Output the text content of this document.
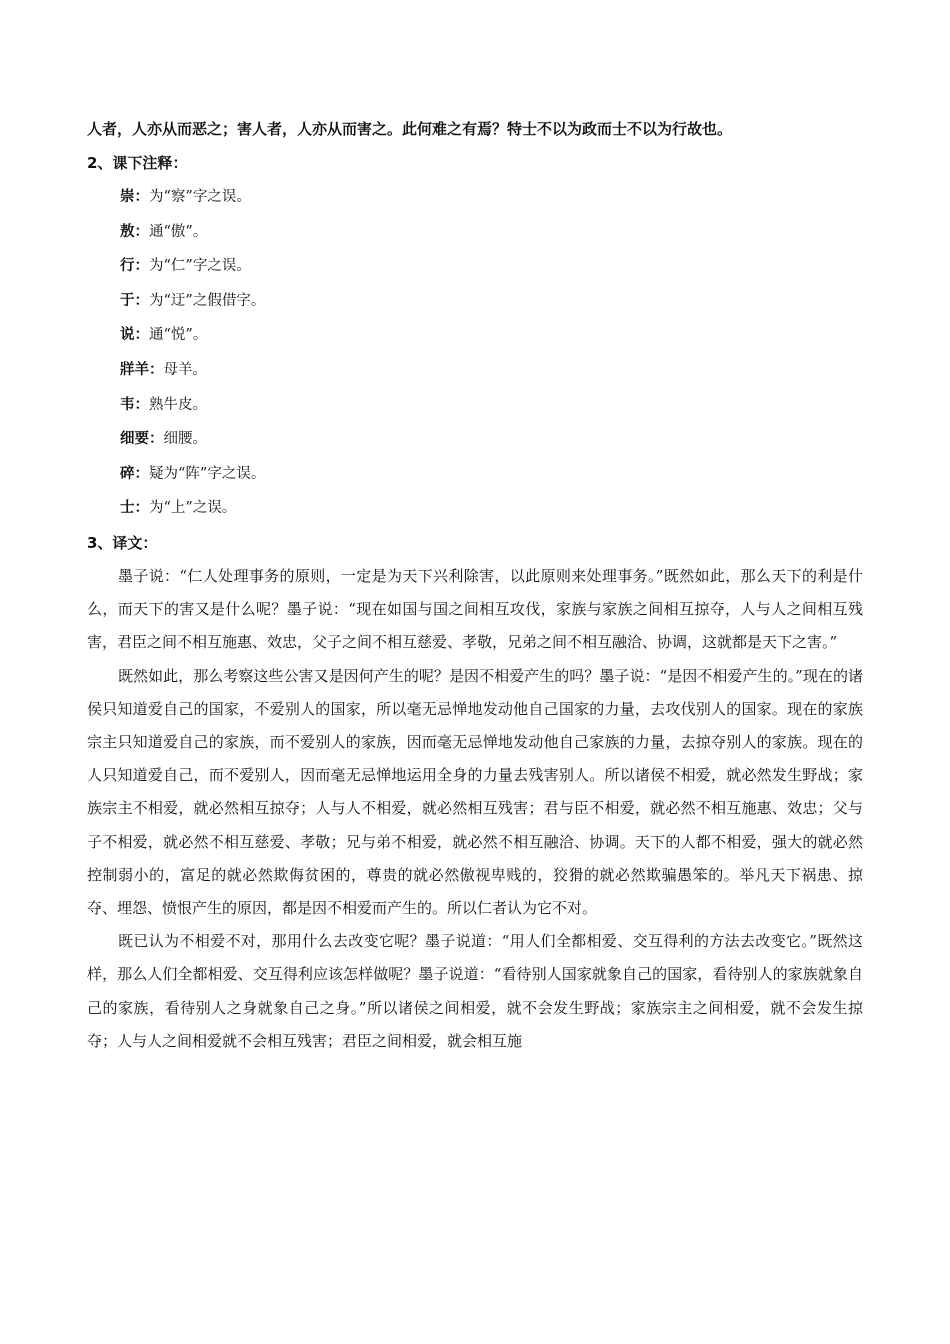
人者，人亦从而恶之；害人者，人亦从而害之。此何难之有焉？特士不以为政而士不以为行故也。

2、课下注释：

崇：为“察”字之误。

敖：通“傲”。

行：为“仁”字之误。

于：为“迂”之假借字。

说：通“悦”。

牂羊：母羊。

韦：熟牛皮。

细要：细腰。

碎：疑为“阵”字之误。

士：为“上”之误。

3、译文：

墨子说：“仁人处理事务的原则，一定是为天下兴利除害，以此原则来处理事务。”既然如此，那么天下的利是什么，而天下的害又是什么呢？墨子说：“现在如国与国之间相互攻伐，家族与家族之间相互掠夺，人与人之间相互残害，君臣之间不相互施惠、效忠，父子之间不相互慈爱、孝敬，兄弟之间不相互融洽、协调，这就都是天下之害。”

既然如此，那么考察这些公害又是因何产生的呢？是因不相爱产生的吗？墨子说：“是因不相爱产生的。”现在的诸侯只知道爱自己的国家，不爱别人的国家，所以毫无忌惮地发动他自己国家的力量，去攻伐别人的国家。现在的家族宗主只知道爱自己的家族，而不爱别人的家族，因而毫无忌惮地发动他自己家族的力量，去掠夺别人的家族。现在的人只知道爱自己，而不爱别人，因而毫无忌惮地运用全身的力量去残害别人。所以诸侯不相爱，就必然发生野战；家族宗主不相爱，就必然相互掠夺；人与人不相爱，就必然相互残害；君与臣不相爱，就必然不相互施惠、效忠；父与子不相爱，就必然不相互慈爱、孝敬；兄与弟不相爱，就必然不相互融洽、协调。天下的人都不相爱，强大的就必然控制弱小的，富足的就必然欺侮贫困的，尊贵的就必然傲视卑贱的，狡猾的就必然欺骗愚笨的。举凡天下祸患、掠夺、埋怨、愤恨产生的原因，都是因不相爱而产生的。所以仁者认为它不对。

既已认为不相爱不对，那用什么去改变它呢？墨子说道：“用人们全都相爱、交互得利的方法去改变它。”既然这样，那么人们全都相爱、交互得利应该怎样做呢？墨子说道：“看待别人国家就象自己的国家，看待别人的家族就象自己的家族，看待别人之身就象自己之身。”所以诸侯之间相爱，就不会发生野战；家族宗主之间相爱，就不会发生掠夺；人与人之间相爱就不会相互残害；君臣之间相爱，就会相互施
